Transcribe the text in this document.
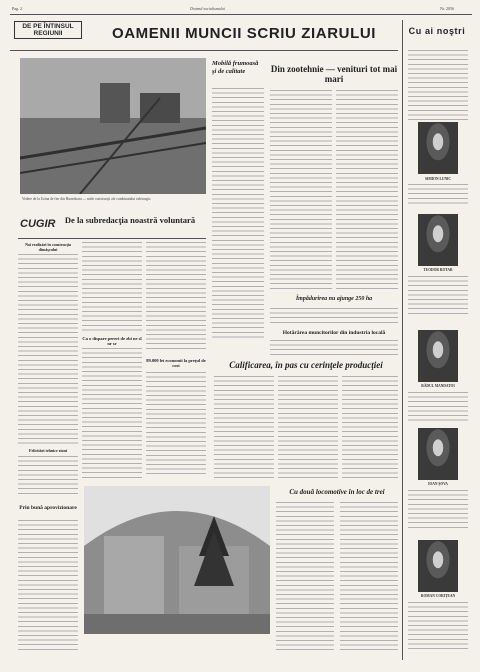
Pag. 2	Drumul socialismului	Nr. 2056
DE PE ÎNTINSUL REGIUNII	OAMENII MUNCII SCRIU ZIARULUI	Cu ai noştri
Vedere de la Uzina de fier din Hunedoara — noile construcţii ale combinatului siderurgic.
Mobilă frumoasă şi de calitate	Din zootehnie — venituri tot mai mari
Împădurirea nu ajunge 250 ha
Hotărârea muncitorilor din industria locală
CUGIR	De la subredacţia noastră voluntară
Noi realizări în construcţia dimăşcului
Felicitări tehnice zioni
Prin bună aprovizionare
Ca o dispare pereri de zbi ne sl nr sr
89.000 lei economii la preţul de cost	Calificarea, în pas cu cerinţele producţiei
Cu două locomotive în loc de trei
SIMION LUNIC
TEODOR ROTAR
RĂDUL MANDATOI
IOAN ȘOVA
ROMAN CORIȚEAN
